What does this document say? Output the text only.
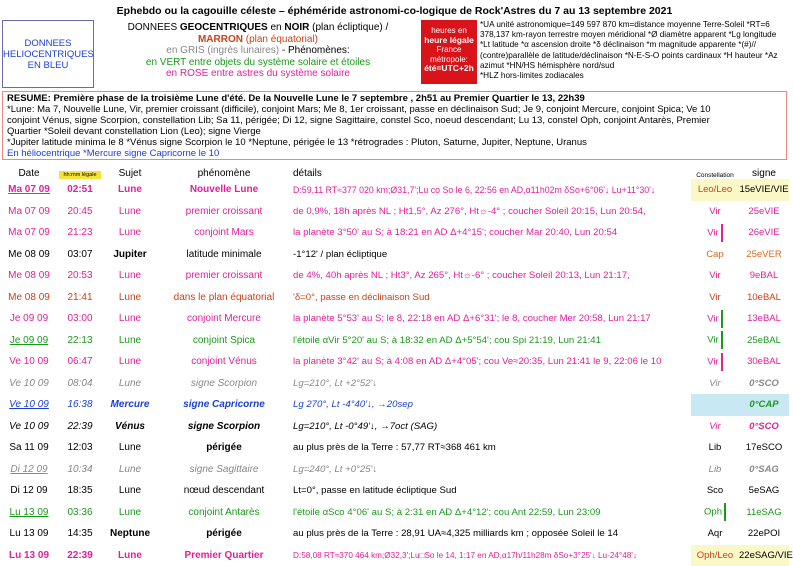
Ephebdo ou la cagouille céleste – éphéméride astronomi-co-logique de Rock'Astres du 7 au 13 septembre 2021
DONNEES
HELIOCENTRIQUES
EN BLEU
DONNEES GEOCENTRIQUES en NOIR (plan écliptique) /
MARRON (plan équatorial)
en GRIS (ingrès lunaires) - Phénomènes:
en VERT entre objets du système solaire et étoiles
en ROSE entre astres du système solaire
heures en
heure légale
France
métropole:
été=UTC+2h
*UA unité astronomique=149 597 870 km=distance moyenne Terre-Soleil *RT=6
378,137 km-rayon terrestre moyen méridional *Ø diamètre apparent *Lg longitude
*Lt latitude *α ascension droite *δ déclinaison *m magnitude apparente *(#)//
(contre)parallèle de latitude/déclinaison *N-E-S-O points cardinaux *H hauteur *Az
azimut *HN/HS hémisphère nord/sud
*HLZ hors-limites zodiacales
RESUME: Première phase de la troisième Lune d'été. De la Nouvelle Lune le 7 septembre , 2h51 au Premier Quartier le 13, 22h39
*Lune: Ma 7, Nouvelle Lune, Vir, premier croissant (difficile), conjoint Mars; Me 8, 1er croissant, passe en déclinaison Sud; Je 9, conjoint Mercure, conjoint Spica; Ve 10
conjoint Vénus, signe Scorpion, constellation Lib; Sa 11, périgée; Di 12, signe Sagittaire, constel Sco, noeud descendant; Lu 13, constel Oph, conjoint Antarès, Premier
Quartier *Soleil devant constellation Lion (Leo); signe Vierge
*Jupiter latitude minima le 8 *Vénus signe Scorpion le 10 *Neptune, périgée le 13 *rétrogrades : Pluton, Saturne, Jupiter, Neptune, Uranus
En héliocentrique *Mercure signe Capricorne le 10
Date	hh:mm légale	Sujet	phénomène	détails	Constellation	signe
Ma 07 09	02:51	Lune	Nouvelle Lune	D:59,11 RT≈377 020 km;Ø31,7';Lu co So le 6, 22:56 en AD,α11h02m δSo+6°06'↓ Lu+11°30'↓	Leo/Leo	15eVIE/VIE
Ma 07 09	20:45	Lune	premier croissant	de 0,9%, 18h après NL ; Ht1,5°, Az 276°, Ht☼-4° ; coucher Soleil 20:15, Lun 20:54,	Vir	25eVIE
Ma 07 09	21:23	Lune	conjoint Mars	la planète 3°50' au S; à 18:21 en AD Δ+4°15'; coucher Mar 20:40, Lun 20:54	Vir	26eVIE
Me 08 09	03:07	Jupiter	latitude minimale	-1°12' / plan écliptique	Cap	25eVER
Me 08 09	20:53	Lune	premier croissant	de 4%, 40h après NL ; Ht3°, Az 265°, Ht☼-6° ; coucher Soleil 20:13, Lun 21:17,	Vir	9eBAL
Me 08 09	21:41	Lune	dans le plan équatorial	'δ=0°, passe en déclinaison Sud	Vir	10eBAL
Je 09 09	03:00	Lune	conjoint Mercure	la planète 5°53' au S; le 8, 22:18 en AD Δ+6°31'; le 8, coucher Mer 20:58, Lun 21:17	Vir	13eBAL
Je 09 09	22:13	Lune	conjoint Spica	l'étoile αVir 5°20' au S; à 18:32 en AD Δ+5°54'; cou Spi 21:19, Lun 21:41	Vir	25eBAL
Ve 10 09	06:47	Lune	conjoint Vénus	la planète 3°42' au S; à 4:08 en AD Δ+4°05'; cou Ve≈20:35, Lun 21:41 le 9, 22:06 le 10	Vir	30eBAL
Ve 10 09	08:04	Lune	signe Scorpion	Lg=210°, Lt +2°52'↓	Vir	0°SCO
Ve 10 09	16:38	Mercure	signe Capricorne	Lg 270°, Lt -4°40'↓, →20sep		0°CAP
Ve 10 09	22:39	Vénus	signe Scorpion	Lg=210°, Lt -0°49'↓, →7oct (SAG)	Vir	0°SCO
Sa 11 09	12:03	Lune	périgée	au plus près de la Terre : 57,77 RT≈368 461 km	Lib	17eSCO
Di 12 09	10:34	Lune	signe Sagittaire	Lg=240°, Lt +0°25'↓	Lib	0°SAG
Di 12 09	18:35	Lune	nœud descendant	Lt=0°, passe en latitude écliptique Sud	Sco	5eSAG
Lu 13 09	03:36	Lune	conjoint Antarès	l'étoile αSco 4°06' au S; à 2:31 en AD Δ+4°12'; cou Ant 22:59, Lun 23:09	Oph	11eSAG
Lu 13 09	14:35	Neptune	périgée	au plus près de la Terre : 28,91 UA≈4,325 milliards km ; opposée Soleil le 14	Aqr	22ePOI
Lu 13 09	22:39	Lune	Premier Quartier	D:58,08 RT≈370 464 km;Ø32,3';Lu□So le 14, 1:17 en AD,α17h/11h28m δSo+3°25'↓ Lu-24°48'↓	Oph/Leo	22eSAG/VIE
